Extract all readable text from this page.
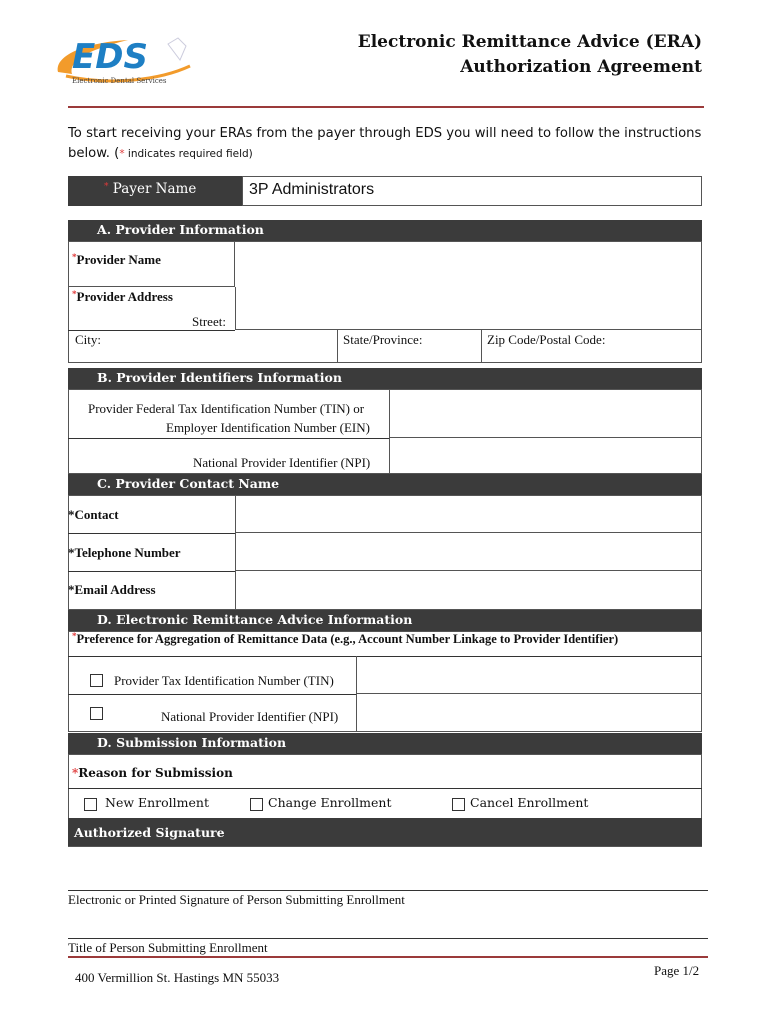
EDS
Electronic Dental Services
Electronic Remittance Advice (ERA)
Authorization Agreement
To start receiving your ERAs from the payer through EDS you will need to follow the instructions below. (* indicates required field)
* Payer Name	3P Administrators
A. Provider Information
*Provider Name
*Provider Address
Street:
City:	State/Province:	Zip Code/Postal Code:
B. Provider Identifiers Information
Provider Federal Tax Identification Number (TIN) or
Employer Identification Number (EIN)
National Provider Identifier (NPI)
C. Provider Contact Name
*Contact
*Telephone Number
*Email Address
D. Electronic Remittance Advice Information
*Preference for Aggregation of Remittance Data (e.g., Account Number Linkage to Provider Identifier)
Provider Tax Identification Number (TIN)
National Provider Identifier (NPI)
D. Submission Information
*Reason for Submission
New Enrollment	Change Enrollment	Cancel Enrollment
Authorized Signature
Electronic or Printed Signature of Person Submitting Enrollment
Title of Person Submitting Enrollment
400 Vermillion St. Hastings MN 55033	Page 1/2
